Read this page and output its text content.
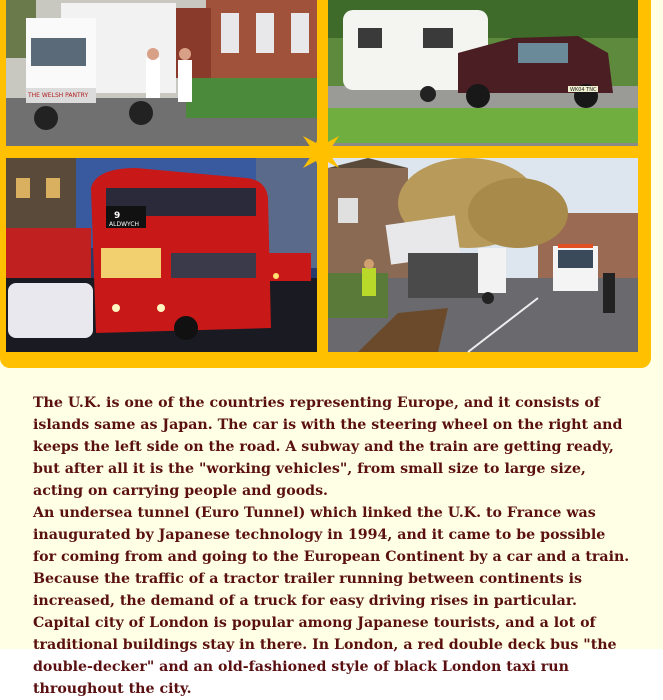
THE WELSH PANTRY
WK04 TNC
9
ALDWYCH

The U.K. is one of the countries representing Europe, and it consists of islands same as Japan. The car is with the steering wheel on the right and keeps the left side on the road. A subway and the train are getting ready, but after all it is the "working vehicles", from small size to large size, acting on carrying people and goods.

An undersea tunnel (Euro Tunnel) which linked the U.K. to France was inaugurated by Japanese technology in 1994, and it came to be possible for coming from and going to the European Continent by a car and a train. Because the traffic of a tractor trailer running between continents is increased, the demand of a truck for easy driving rises in particular.

Capital city of London is popular among Japanese tourists, and a lot of traditional buildings stay in there. In London, a red double deck bus "the double-decker" and an old-fashioned style of black London taxi run throughout the city.
